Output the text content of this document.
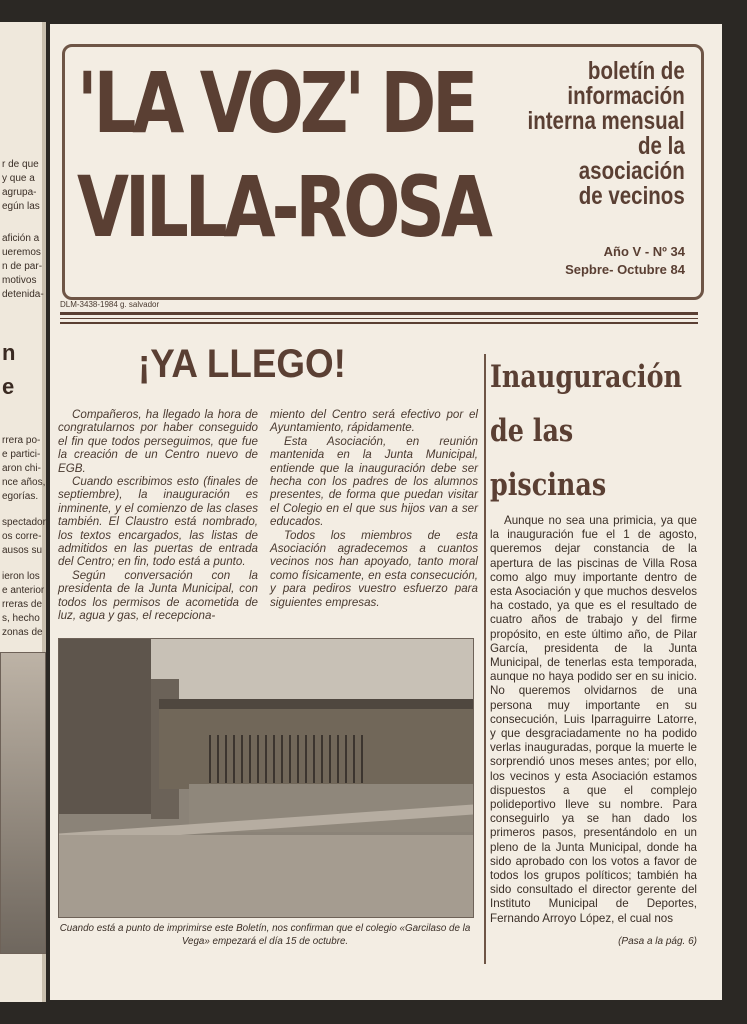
r de que
y que a
agrupa-
egún las
afición a
ueremos
n de par-
motivos
detenida-
rrera po-
e partici-
aron chi-
nce años,
egorías.
spectador
os corre-
ausos su
ieron los
e anterior
rreras de
s, hecho
zonas de
n
e
'LA VOZ' DE
VILLA-ROSA
boletín de
información
interna mensual
de la
asociación
de vecinos
Año V - Nº 34
Sepbre- Octubre 84
DLM-3438-1984 g. salvador
¡YA LLEGO!

Compañeros, ha llegado la hora de congratularnos por haber conseguido el fin que todos perseguimos, que fue la creación de un Centro nuevo de EGB.

Cuando escribimos esto (finales de septiembre), la inauguración es inminente, y el comienzo de las clases también. El Claustro está nombrado, los textos encargados, las listas de admitidos en las puertas de entrada del Centro; en fin, todo está a punto.

Según conversación con la presidenta de la Junta Municipal, con todos los permisos de acometida de luz, agua y gas, el recepciona-

miento del Centro será efectivo por el Ayuntamiento, rápidamente.

Esta Asociación, en reunión mantenida en la Junta Municipal, entiende que la inauguración debe ser hecha con los padres de los alumnos presentes, de forma que puedan visitar el Colegio en el que sus hijos van a ser educados.

Todos los miembros de esta Asociación agradecemos a cuantos vecinos nos han apoyado, tanto moral como físicamente, en esta consecución, y para pediros vuestro esfuerzo para siguientes empresas.

Cuando está a punto de imprimirse este Boletín, nos confirman que el colegio «Garcilaso de la Vega» empezará el día 15 de octubre.
Inauguración
de las
piscinas

Aunque no sea una primicia, ya que la inauguración fue el 1 de agosto, queremos dejar constancia de la apertura de las piscinas de Villa Rosa como algo muy importante dentro de esta Asociación y que muchos desvelos ha costado, ya que es el resultado de cuatro años de trabajo y del firme propósito, en este último año, de Pilar García, presidenta de la Junta Municipal, de tenerlas esta temporada, aunque no haya podido ser en su inicio. No queremos olvidarnos de una persona muy importante en su consecución, Luis Iparraguirre Latorre, y que desgraciadamente no ha podido verlas inauguradas, porque la muerte le sorprendió unos meses antes; por ello, los vecinos y esta Asociación estamos dispuestos a que el complejo polideportivo lleve su nombre. Para conseguirlo ya se han dado los primeros pasos, presentándolo en un pleno de la Junta Municipal, donde ha sido aprobado con los votos a favor de todos los grupos políticos; también ha sido consultado el director gerente del Instituto Municipal de Deportes, Fernando Arroyo López, el cual nos

(Pasa a la pág. 6)
